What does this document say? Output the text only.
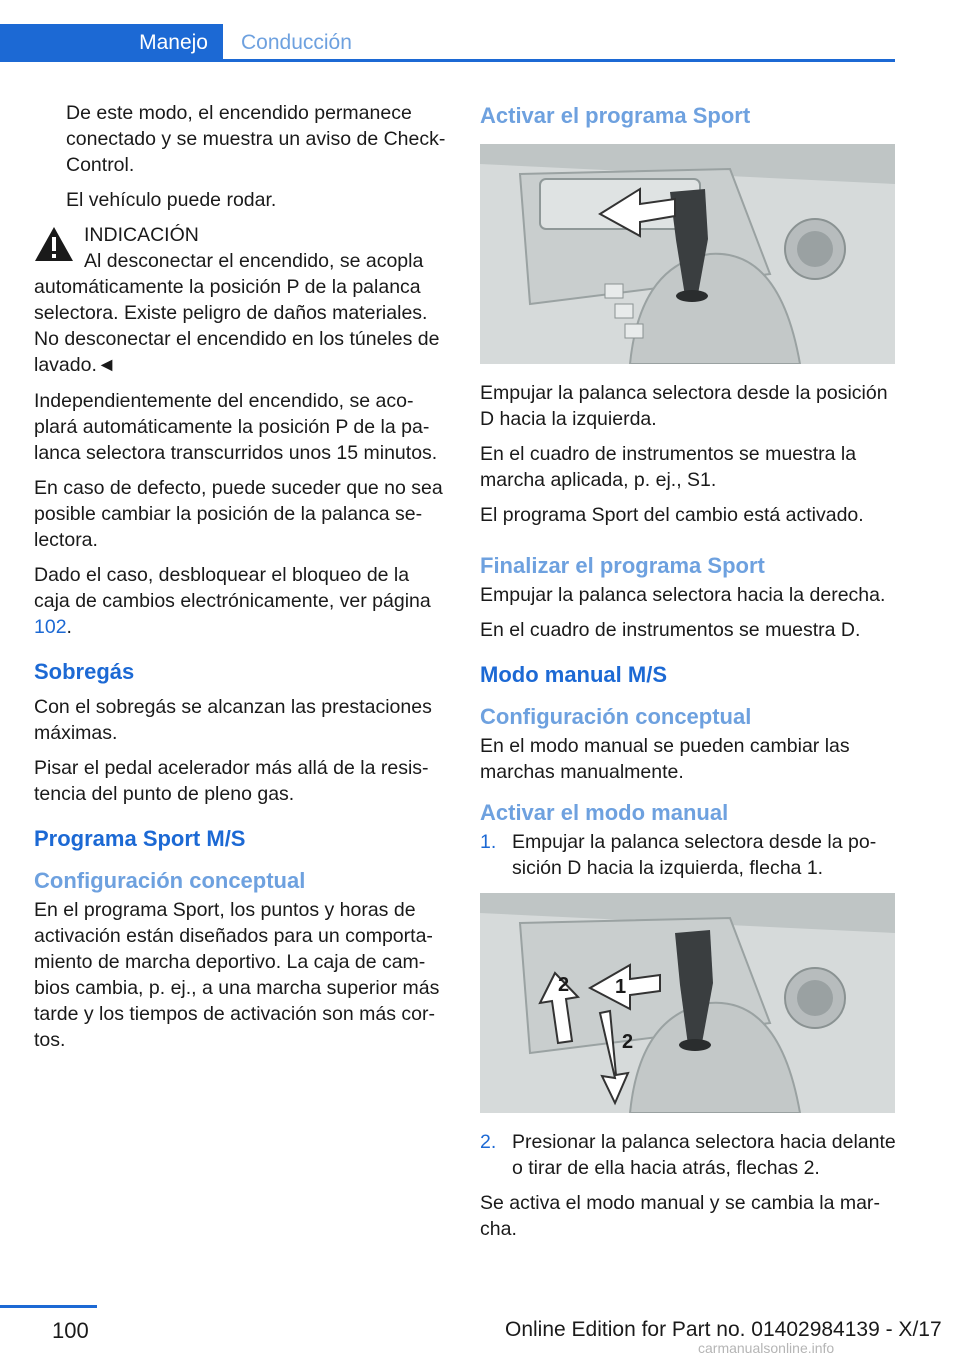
Manejo Conducción

De este modo, el encendido permanece conectado y se muestra un aviso de Check-Control.

El vehículo puede rodar.

INDICACIÓN
Al desconectar el encendido, se acopla
automáticamente la posición P de la palanca selectora. Existe peligro de daños materiales. No desconectar el encendido en los túneles de lavado.◄

Independientemente del encendido, se acoplará automáticamente la posición P de la palanca selectora transcurridos unos 15 minutos.

En caso de defecto, puede suceder que no sea posible cambiar la posición de la palanca selectora.

Dado el caso, desbloquear el bloqueo de la caja de cambios electrónicamente, ver página 102.

Sobregás

Con el sobregás se alcanzan las prestaciones máximas.

Pisar el pedal acelerador más allá de la resistencia del punto de pleno gas.

Programa Sport M/S
Configuración conceptual

En el programa Sport, los puntos y horas de activación están diseñados para un comportamiento de marcha deportivo. La caja de cambios cambia, p. ej., a una marcha superior más tarde y los tiempos de activación son más cortos.

Activar el programa Sport

Empujar la palanca selectora desde la posición D hacia la izquierda.

En el cuadro de instrumentos se muestra la marcha aplicada, p. ej., S1.

El programa Sport del cambio está activado.

Finalizar el programa Sport

Empujar la palanca selectora hacia la derecha.

En el cuadro de instrumentos se muestra D.

Modo manual M/S
Configuración conceptual

En el modo manual se pueden cambiar las marchas manualmente.

Activar el modo manual
1. Empujar la palanca selectora desde la posición D hacia la izquierda, flecha 1.
2 1
2
2. Presionar la palanca selectora hacia delante o tirar de ella hacia atrás, flechas 2.

Se activa el modo manual y se cambia la marcha.

100	Online Edition for Part no. 01402984139 - X/17
carmanualsonline.info
